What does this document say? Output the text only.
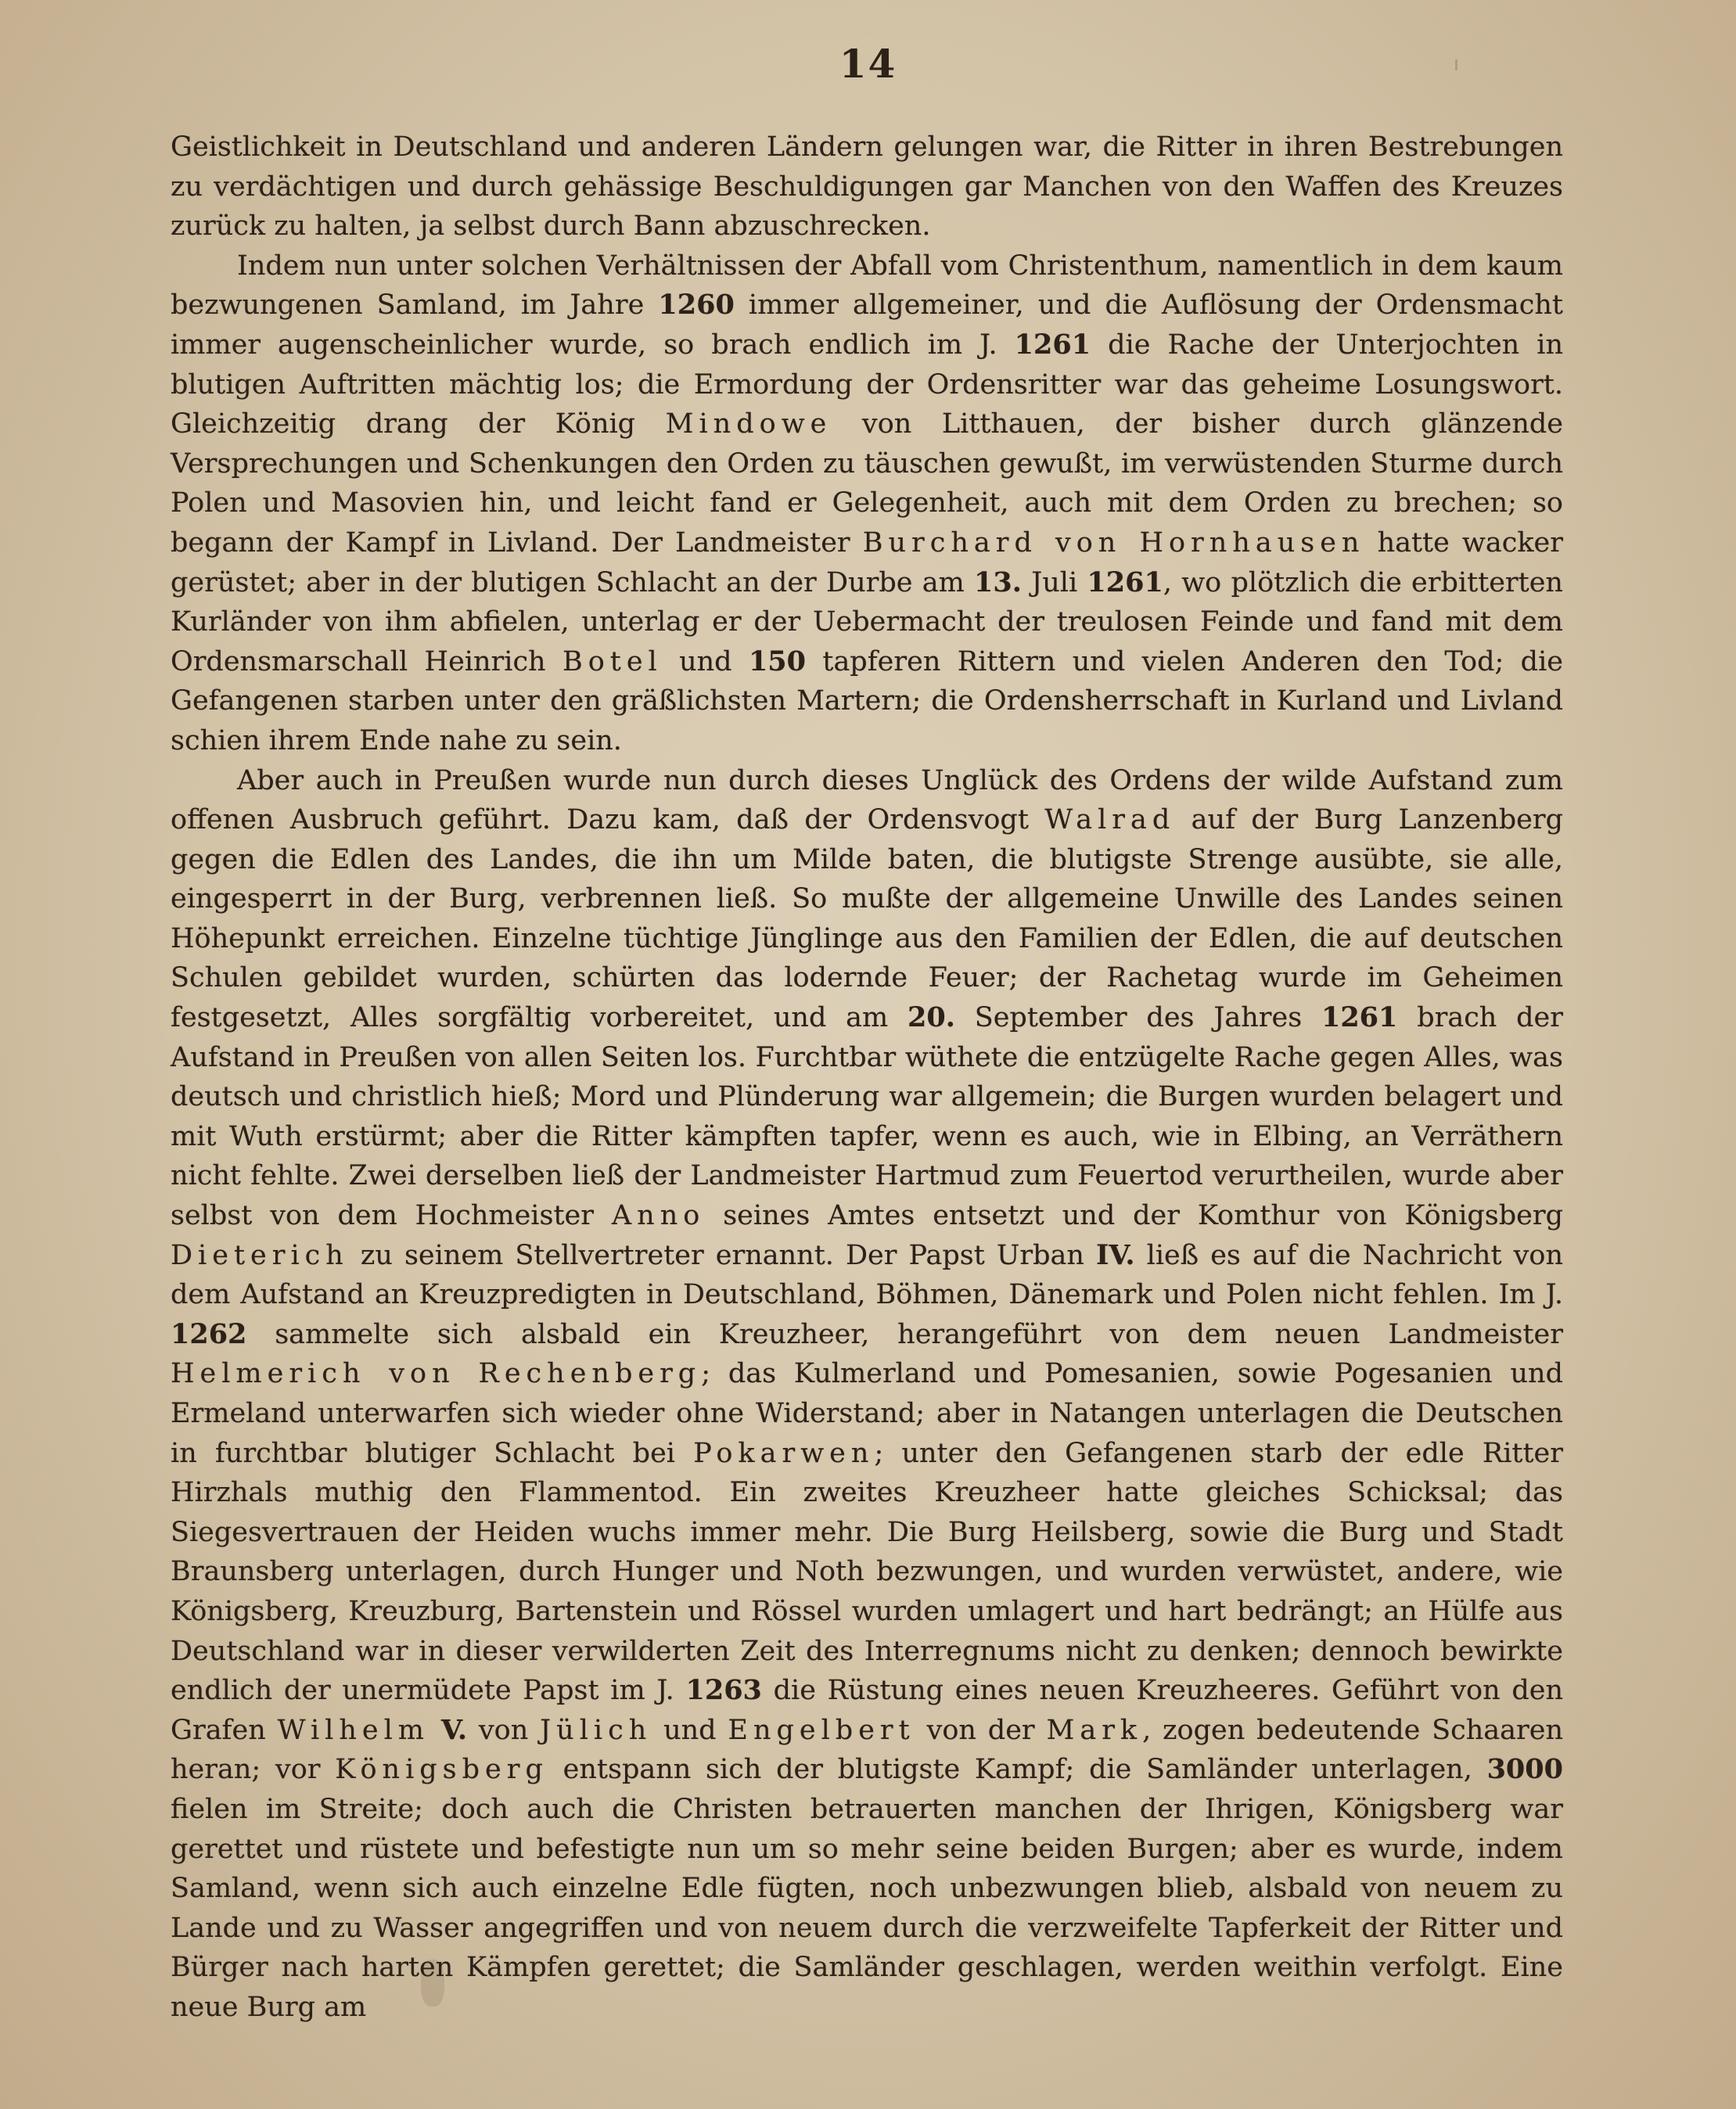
14

Geistlichkeit in Deutschland und anderen Ländern gelungen war, die Ritter in ihren Bestrebungen zu verdächtigen und durch gehässige Beschuldigungen gar Manchen von den Waffen des Kreuzes zurück zu halten, ja selbst durch Bann abzuschrecken.

Indem nun unter solchen Verhältnissen der Abfall vom Christenthum, namentlich in dem kaum bezwungenen Samland, im Jahre 1260 immer allgemeiner, und die Auflösung der Ordensmacht immer augenscheinlicher wurde, so brach endlich im J. 1261 die Rache der Unterjochten in blutigen Auftritten mächtig los; die Ermordung der Ordensritter war das geheime Losungswort. Gleichzeitig drang der König Mindowe von Litthauen, der bisher durch glänzende Versprechungen und Schenkungen den Orden zu täuschen gewußt, im verwüstenden Sturme durch Polen und Masovien hin, und leicht fand er Gelegenheit, auch mit dem Orden zu brechen; so begann der Kampf in Livland. Der Landmeister Burchard von Hornhausen hatte wacker gerüstet; aber in der blutigen Schlacht an der Durbe am 13. Juli 1261, wo plötzlich die erbitterten Kurländer von ihm abfielen, unterlag er der Uebermacht der treulosen Feinde und fand mit dem Ordensmarschall Heinrich Botel und 150 tapferen Rittern und vielen Anderen den Tod; die Gefangenen starben unter den gräßlichsten Martern; die Ordensherrschaft in Kurland und Livland schien ihrem Ende nahe zu sein.

Aber auch in Preußen wurde nun durch dieses Unglück des Ordens der wilde Aufstand zum offenen Ausbruch geführt. Dazu kam, daß der Ordensvogt Walrad auf der Burg Lanzenberg gegen die Edlen des Landes, die ihn um Milde baten, die blutigste Strenge ausübte, sie alle, eingesperrt in der Burg, verbrennen ließ. So mußte der allgemeine Unwille des Landes seinen Höhepunkt erreichen. Einzelne tüchtige Jünglinge aus den Familien der Edlen, die auf deutschen Schulen gebildet wurden, schürten das lodernde Feuer; der Rachetag wurde im Geheimen festgesetzt, Alles sorgfältig vorbereitet, und am 20. September des Jahres 1261 brach der Aufstand in Preußen von allen Seiten los. Furchtbar wüthete die entzügelte Rache gegen Alles, was deutsch und christlich hieß; Mord und Plünderung war allgemein; die Burgen wurden belagert und mit Wuth erstürmt; aber die Ritter kämpften tapfer, wenn es auch, wie in Elbing, an Verräthern nicht fehlte. Zwei derselben ließ der Landmeister Hartmud zum Feuertod verurtheilen, wurde aber selbst von dem Hochmeister Anno seines Amtes entsetzt und der Komthur von Königsberg Dieterich zu seinem Stellvertreter ernannt. Der Papst Urban IV. ließ es auf die Nachricht von dem Aufstand an Kreuzpredigten in Deutschland, Böhmen, Dänemark und Polen nicht fehlen. Im J. 1262 sammelte sich alsbald ein Kreuzheer, herangeführt von dem neuen Landmeister Helmerich von Rechenberg; das Kulmerland und Pomesanien, sowie Pogesanien und Ermeland unterwarfen sich wieder ohne Widerstand; aber in Natangen unterlagen die Deutschen in furchtbar blutiger Schlacht bei Pokarwen; unter den Gefangenen starb der edle Ritter Hirzhals muthig den Flammentod. Ein zweites Kreuzheer hatte gleiches Schicksal; das Siegesvertrauen der Heiden wuchs immer mehr. Die Burg Heilsberg, sowie die Burg und Stadt Braunsberg unterlagen, durch Hunger und Noth bezwungen, und wurden verwüstet, andere, wie Königsberg, Kreuzburg, Bartenstein und Rössel wurden umlagert und hart bedrängt; an Hülfe aus Deutschland war in dieser verwilderten Zeit des Interregnums nicht zu denken; dennoch bewirkte endlich der unermüdete Papst im J. 1263 die Rüstung eines neuen Kreuzheeres. Geführt von den Grafen Wilhelm V. von Jülich und Engelbert von der Mark, zogen bedeutende Schaaren heran; vor Königsberg entspann sich der blutigste Kampf; die Samländer unterlagen, 3000 fielen im Streite; doch auch die Christen betrauerten manchen der Ihrigen, Königsberg war gerettet und rüstete und befestigte nun um so mehr seine beiden Burgen; aber es wurde, indem Samland, wenn sich auch einzelne Edle fügten, noch unbezwungen blieb, alsbald von neuem zu Lande und zu Wasser angegriffen und von neuem durch die verzweifelte Tapferkeit der Ritter und Bürger nach harten Kämpfen gerettet; die Samländer geschlagen, werden weithin verfolgt. Eine neue Burg am
